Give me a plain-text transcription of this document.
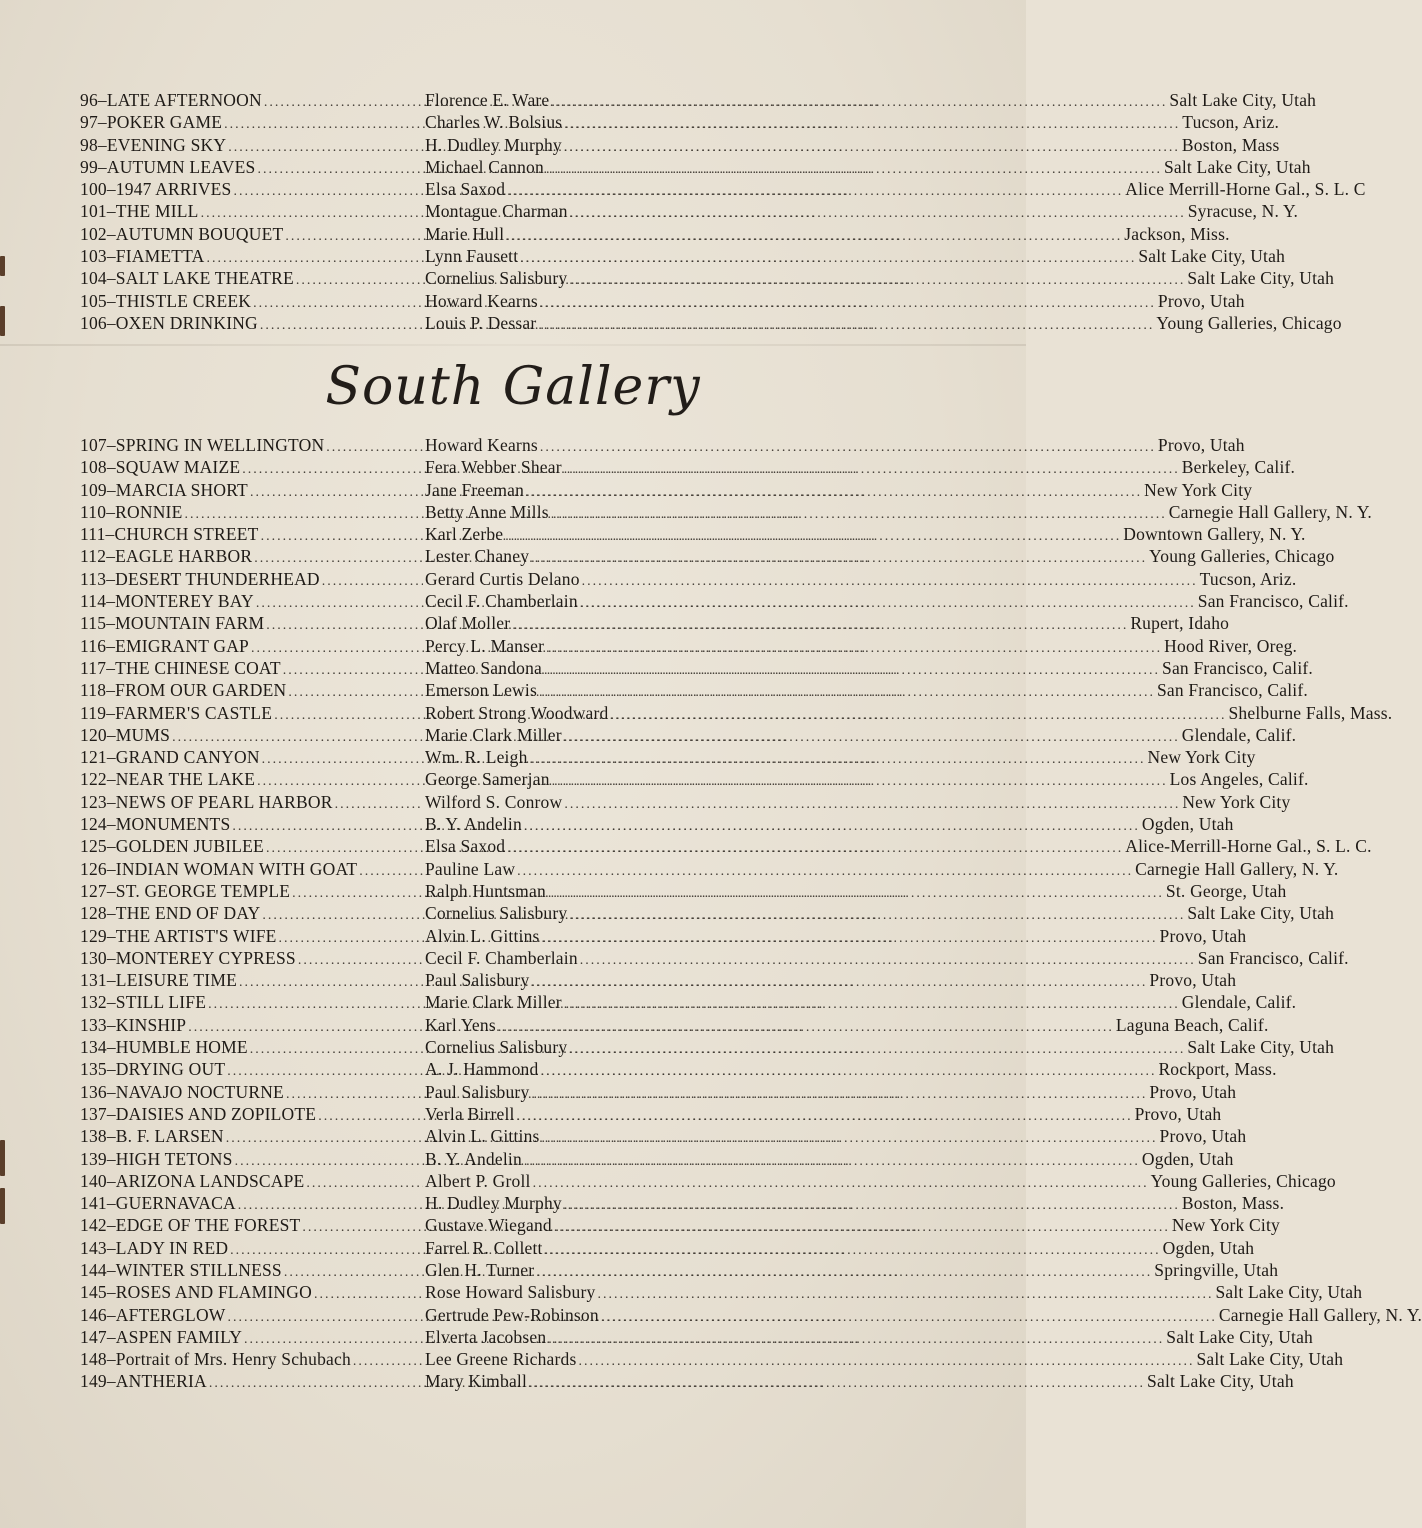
96–LATE AFTERNOON .....	Florence E. Ware .....	Salt Lake City, Utah
97–POKER GAME .....	Charles W. Bolsius .....	Tucson, Ariz.
98–EVENING SKY .....	H. Dudley Murphy .....	Boston, Mass
99–AUTUMN LEAVES .....	Michael Cannon .....	Salt Lake City, Utah
100–1947 ARRIVES .....	Elsa Saxod .....	Alice Merrill-Horne Gal., S. L. C
101–THE MILL .....	Montague Charman .....	Syracuse, N. Y.
102–AUTUMN BOUQUET .....	Marie Hull .....	Jackson, Miss.
103–FIAMETTA .....	Lynn Fausett .....	Salt Lake City, Utah
104–SALT LAKE THEATRE .....	Cornelius Salisbury .....	Salt Lake City, Utah
105–THISTLE CREEK .....	Howard Kearns .....	Provo, Utah
106–OXEN DRINKING .....	Louis P. Dessar .....	Young Galleries, Chicago
South Gallery
107–SPRING IN WELLINGTON .....	Howard Kearns .....	Provo, Utah
108–SQUAW MAIZE .....	Fera Webber Shear .....	Berkeley, Calif.
109–MARCIA SHORT .....	Jane Freeman .....	New York City
110–RONNIE .....	Betty Anne Mills .....	Carnegie Hall Gallery, N. Y.
111–CHURCH STREET .....	Karl Zerbe .....	Downtown Gallery, N. Y.
112–EAGLE HARBOR .....	Lester Chaney .....	Young Galleries, Chicago
113–DESERT THUNDERHEAD .....	Gerard Curtis Delano .....	Tucson, Ariz.
114–MONTEREY BAY .....	Cecil F. Chamberlain .....	San Francisco, Calif.
115–MOUNTAIN FARM .....	Olaf Moller .....	Rupert, Idaho
116–EMIGRANT GAP .....	Percy L. Manser .....	Hood River, Oreg.
117–THE CHINESE COAT .....	Matteo Sandona .....	San Francisco, Calif.
118–FROM OUR GARDEN .....	Emerson Lewis .....	San Francisco, Calif.
119–FARMER'S CASTLE .....	Robert Strong Woodward .....	Shelburne Falls, Mass.
120–MUMS .....	Marie Clark Miller .....	Glendale, Calif.
121–GRAND CANYON .....	Wm. R. Leigh .....	New York City
122–NEAR THE LAKE .....	George Samerjan .....	Los Angeles, Calif.
123–NEWS OF PEARL HARBOR .....	Wilford S. Conrow .....	New York City
124–MONUMENTS .....	B. Y. Andelin .....	Ogden, Utah
125–GOLDEN JUBILEE .....	Elsa Saxod .....	Alice-Merrill-Horne Gal., S. L. C.
126–INDIAN WOMAN WITH GOAT .....	Pauline Law .....	Carnegie Hall Gallery, N. Y.
127–ST. GEORGE TEMPLE .....	Ralph Huntsman .....	St. George, Utah
128–THE END OF DAY .....	Cornelius Salisbury .....	Salt Lake City, Utah
129–THE ARTIST'S WIFE .....	Alvin L. Gittins .....	Provo, Utah
130–MONTEREY CYPRESS .....	Cecil F. Chamberlain .....	San Francisco, Calif.
131–LEISURE TIME .....	Paul Salisbury .....	Provo, Utah
132–STILL LIFE .....	Marie Clark Miller .....	Glendale, Calif.
133–KINSHIP .....	Karl Yens .....	Laguna Beach, Calif.
134–HUMBLE HOME .....	Cornelius Salisbury .....	Salt Lake City, Utah
135–DRYING OUT .....	A. J. Hammond .....	Rockport, Mass.
136–NAVAJO NOCTURNE .....	Paul Salisbury .....	Provo, Utah
137–DAISIES AND ZOPILOTE .....	Verla Birrell .....	Provo, Utah
138–B. F. LARSEN .....	Alvin L. Gittins .....	Provo, Utah
139–HIGH TETONS .....	B. Y. Andelin .....	Ogden, Utah
140–ARIZONA LANDSCAPE .....	Albert P. Groll .....	Young Galleries, Chicago
141–GUERNAVACA .....	H. Dudley Murphy .....	Boston, Mass.
142–EDGE OF THE FOREST .....	Gustave Wiegand .....	New York City
143–LADY IN RED .....	Farrel R. Collett .....	Ogden, Utah
144–WINTER STILLNESS .....	Glen H. Turner .....	Springville, Utah
145–ROSES AND FLAMINGO .....	Rose Howard Salisbury .....	Salt Lake City, Utah
146–AFTERGLOW .....	Gertrude Pew-Robinson .....	Carnegie Hall Gallery, N. Y.
147–ASPEN FAMILY .....	Elverta Jacobsen .....	Salt Lake City, Utah
148–Portrait of Mrs. Henry Schubach .....	Lee Greene Richards .....	Salt Lake City, Utah
149–ANTHERIA .....	Mary Kimball .....	Salt Lake City, Utah
